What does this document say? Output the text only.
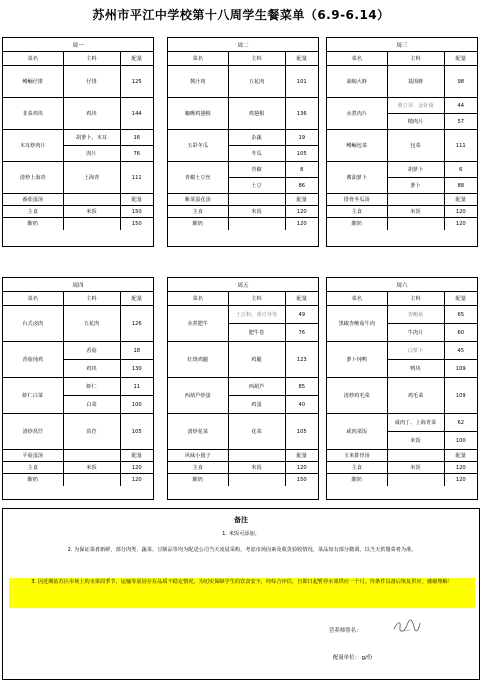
苏州市平江中学校第十八周学生餐菜单（6.9-6.14）
周一		
菜名	主料	配量
鳗鲡仔排	仔排	125
韭菜鸡块	鸡块	144
木耳炒肉片	胡萝卜、木耳	16
	肉片	76
清炒上海青	上海青	111
番茄蛋汤		配量
主食	米饭	150
酸奶		150
周二		
菜名	主料	配量
酱汁肉	五花肉	101
咖喱鸡翅根	鸡翅根	136
五彩冬瓜	杂蔬	19
	冬瓜	105
青椒土豆丝	青椒	8
	土豆	86
紫菜蛋花汤		配量
主食	米饭	120
酸奶		120
周三		
菜名	主料	配量
油焖大虾	基围虾	98
水煮肉片	黄豆芽、金针菇	44
	精肉片	57
鳗鲡包菜	包菜	111
酱油萝卜	胡萝卜	6
	萝卜	88
排骨冬瓜汤		配量
主食	米饭	120
酸奶		120
周四		
菜名	主料	配量
台式卤肉	五花肉	126
香菇炖鸡	香菇	18
	鸡块	130
虾仁白菜	虾仁	11
	白菜	100
清炒莴苣	莴苣	105
平菇蛋汤		配量
主食	米饭	120
酸奶		120
周五		
菜名	主料	配量
水煮肥牛	土豆粉、黄豆芽等	49
	肥牛卷	76
红烧鸡腿	鸡腿	123
西葫芦炒蛋	西葫芦	85
	鸡蛋	40
清炒花菜	花菜	105
风味小圆子		配量
主食	米饭	120
酸奶		150
周六		
菜名	主料	配量
黑椒杏鲍菇牛肉	杏鲍菇	65
	牛肉片	60
萝卜炖鸭	白萝卜	45
	鸭块	109
清炒鸡毛菜	鸡毛菜	109
咸肉菜饭	咸肉丁、上海青菜	62
	米饭	100
玉米排骨汤		配量
主食	米饭	120
酸奶		120
备注
1. 米饭可添加。
2. 为保证菜肴新鲜，部分肉类、蔬菜、豆制品等均为配送公司当天凌晨采购，考虑市场因素及收货验收情况，菜品如有部分微调，以当天供餐菜肴为准。
3. 因近期姑苏区市场上的水果周季节、运输等原因存在品质不稳定情况，为切实保障学生的饮食安全，经综合评估，自即日起暂停水果供应一个月。待条件具备后恢复供应。感谢理解！
营养师签名：
配量单位： g/份
